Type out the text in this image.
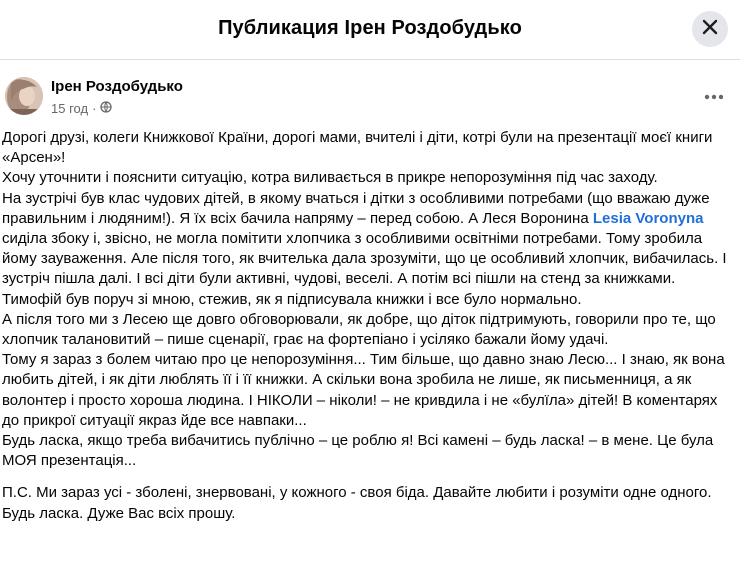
Публикация Ірен Роздобудько
Ірен Роздобудько
15 год ·

Дорогі друзі, колеги Книжкової Країни, дорогі мами, вчителі і діти, котрі були на презентації моєї книги «Арсен»!

Хочу уточнити і пояснити ситуацію, котра виливається в прикре непорозуміння під час заходу.

На зустрічі був клас чудових дітей, в якому вчаться і дітки з особливими потребами (що вважаю дуже правильним і людяним!). Я їх всіх бачила напряму – перед собою. А Леся Воронина Lesia Voronyna сиділа збоку і, звісно, не могла помітити хлопчика з особливими освітніми потребами. Тому зробила йому зауваження. Але після того, як вчителька дала зрозуміти, що це особливий хлопчик, вибачилась. І зустріч пішла далі. І всі діти були активні, чудові, веселі. А потім всі пішли на стенд за книжками. Тимофій був поруч зі мною, стежив, як я підписувала книжки і все було нормально.

А після того ми з Лесею ще довго обговорювали, як добре, що діток підтримують, говорили про те, що хлопчик талановитий – пише сценарії, грає на фортепіано і усіляко бажали йому удачі.

Тому я зараз з болем читаю про це непорозуміння... Тим більше, що давно знаю Лесю... І знаю, як вона любить дітей, і як діти люблять її і її книжки. А скільки вона зробила не лише, як письменниця, а як волонтер і просто хороша людина. І НІКОЛИ – ніколи! – не кривдила і не «булїла» дітей! В коментарях до прикрої ситуації якраз йде все навпаки...

Будь ласка, якщо треба вибачитись публічно – це роблю я! Всі камені – будь ласка! – в мене. Це була МОЯ презентація...

П.С. Ми зараз усі - зболені, знервовані, у кожного - своя біда. Давайте любити і розуміти одне одного. Будь ласка. Дуже Вас всіх прошу.
